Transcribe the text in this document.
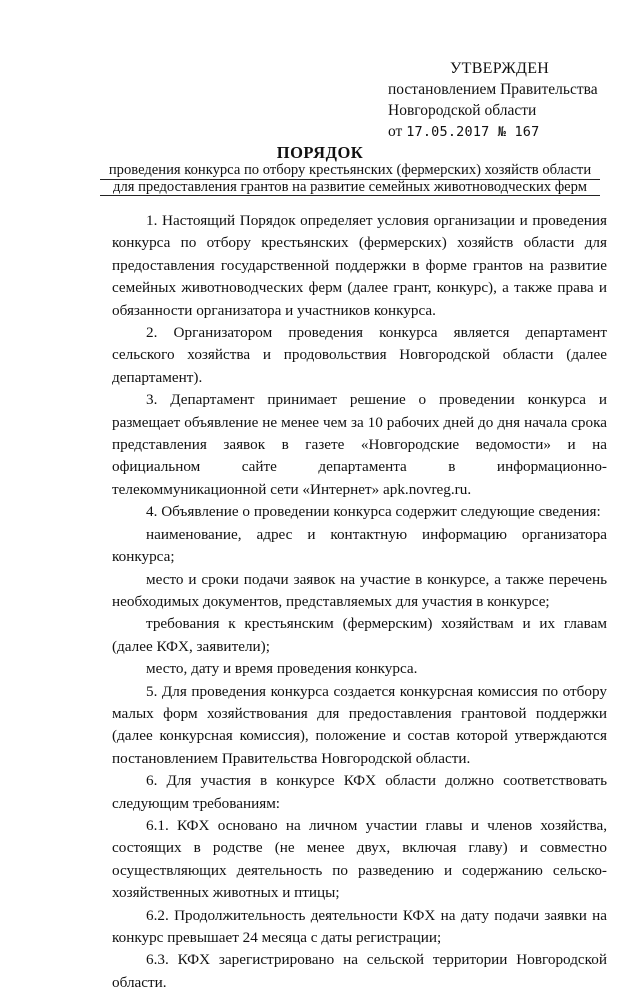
УТВЕРЖДЕН
постановлением Правительства
Новгородской области
от 17.05.2017 № 167
ПОРЯДОК
проведения конкурса по отбору крестьянских (фермерских) хозяйств области
для предоставления грантов на развитие семейных животноводческих ферм

1. Настоящий Порядок определяет условия организации и проведения конкурса по отбору крестьянских (фермерских) хозяйств области для предоставления государственной поддержки в форме грантов на развитие семейных животноводческих ферм (далее грант, конкурс), а также права и обязанности организатора и участников конкурса.

2. Организатором проведения конкурса является департамент сельского хозяйства и продовольствия Новгородской области (далее департамент).

3. Департамент принимает решение о проведении конкурса и размещает объявление не менее чем за 10 рабочих дней до дня начала срока представления заявок в газете «Новгородские ведомости» и на официальном сайте департамента в информационно-телекоммуникационной сети «Интернет» apk.novreg.ru.

4. Объявление о проведении конкурса содержит следующие сведения:

наименование, адрес и контактную информацию организатора конкурса;

место и сроки подачи заявок на участие в конкурсе, а также перечень необходимых документов, представляемых для участия в конкурсе;

требования к крестьянским (фермерским) хозяйствам и их главам (далее КФХ, заявители);

место, дату и время проведения конкурса.

5. Для проведения конкурса создается конкурсная комиссия по отбору малых форм хозяйствования для предоставления грантовой поддержки (далее конкурсная комиссия), положение и состав которой утверждаются постановлением Правительства Новгородской области.

6. Для участия в конкурсе КФХ области должно соответствовать следующим требованиям:

6.1. КФХ основано на личном участии главы и членов хозяйства, состоящих в родстве (не менее двух, включая главу) и совместно осуществляющих деятельность по разведению и содержанию сельско-хозяйственных животных и птицы;

6.2. Продолжительность деятельности КФХ на дату подачи заявки на конкурс превышает 24 месяца с даты регистрации;

6.3. КФХ зарегистрировано на сельской территории Новгородской области.
